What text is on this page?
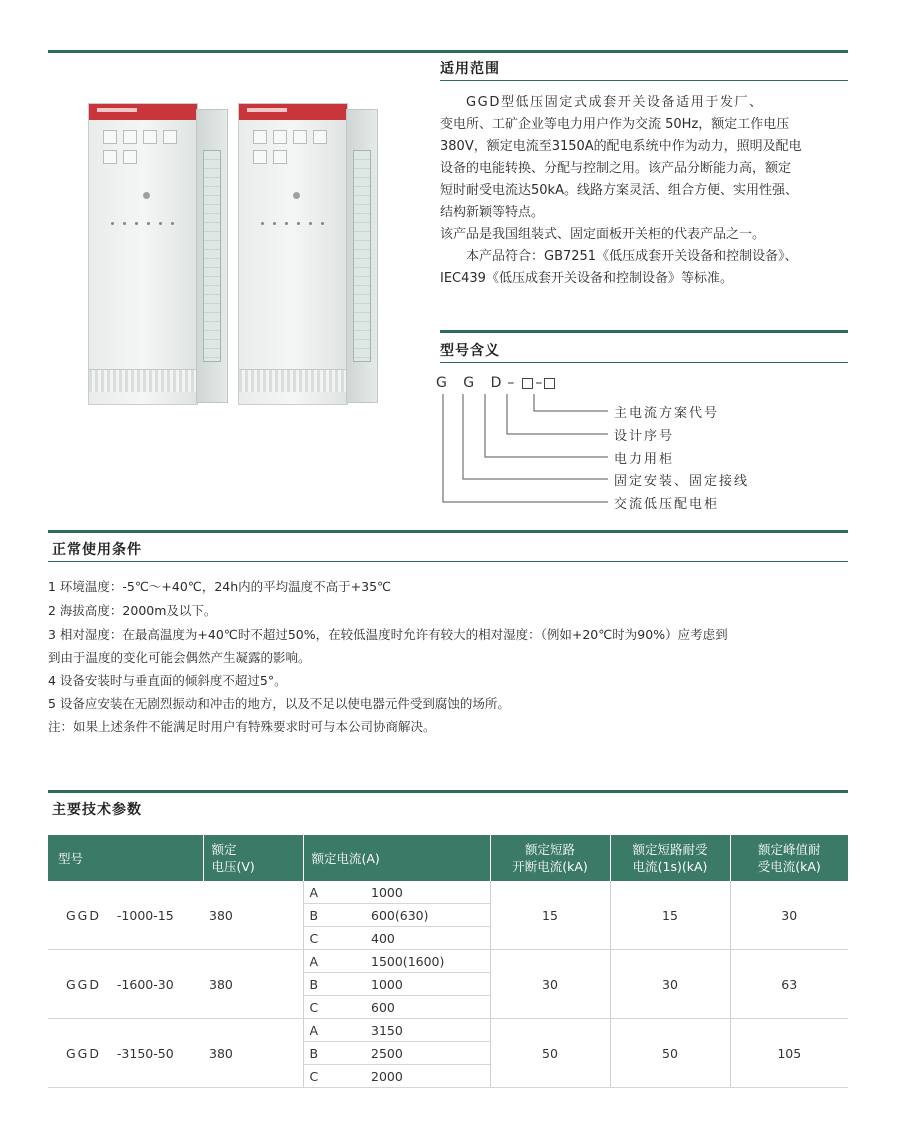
适用范围
GGD型低压固定式成套开关设备适用于发厂、
变电所、工矿企业等电力用户作为交流 50Hz，额定工作电压
380V，额定电流至3150A的配电系统中作为动力，照明及配电
设备的电能转换、分配与控制之用。该产品分断能力高，额定
短时耐受电流达50kA。线路方案灵活、组合方便、实用性强、
结构新颖等特点。
该产品是我国组装式、固定面板开关柜的代表产品之一。
本产品符合：GB7251《低压成套开关设备和控制设备》、
IEC439《低压成套开关设备和控制设备》等标准。
型号含义
G G D– –
主电流方案代号
设计序号
电力用柜
固定安装、固定接线
交流低压配电柜
正常使用条件
1 环境温度：-5℃～+40℃，24h内的平均温度不高于+35℃
2 海拔高度：2000m及以下。
3 相对湿度：在最高温度为+40℃时不超过50%，在较低温度时允许有较大的相对湿度：（例如+20℃时为90%）应考虑到
到由于温度的变化可能会偶然产生凝露的影响。
4 设备安装时与垂直面的倾斜度不超过5°。
5 设备应安装在无剧烈振动和冲击的地方，以及不足以使电器元件受到腐蚀的场所。
注：如果上述条件不能满足时用户有特殊要求时可与本公司协商解决。
主要技术参数
型号	额定
电压(V)	额定电流(A)		额定短路
开断电流(kA)	额定短路耐受
电流(1s)(kA)	额定峰值耐
受电流(kA)
GGD -1000-15	380	A	1000	15	15	30
		B	600(630)			
		C	400			
GGD -1600-30	380	A	1500(1600)	30	30	63
		B	1000			
		C	600			
GGD -3150-50	380	A	3150	50	50	105
		B	2500			
		C	2000			
